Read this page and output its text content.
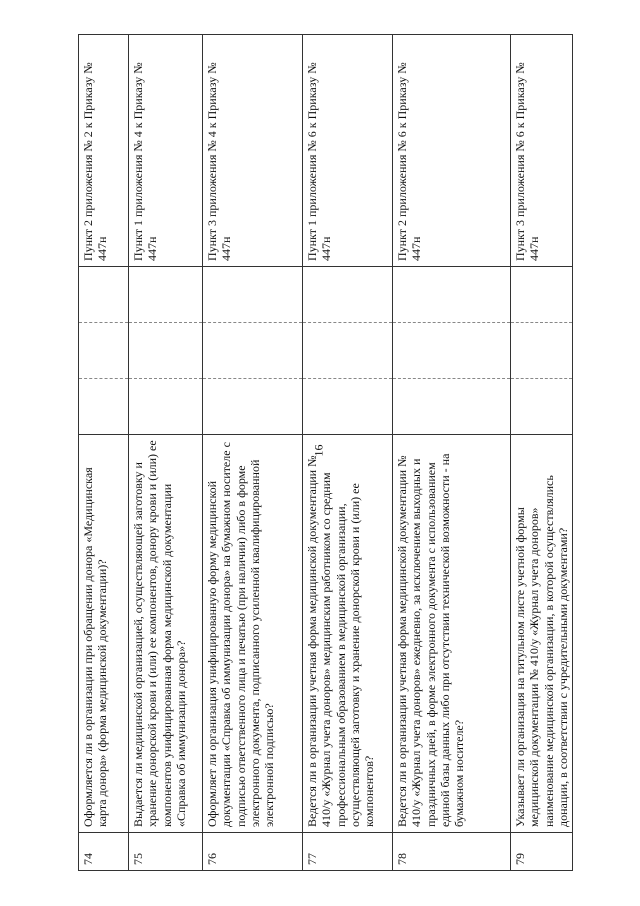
16
74	Оформляется ли в организации при обращении донора «Медицинская карта донора» (форма медицинской документации)?				Пункт 2 приложения № 2 к Приказу № 447н
75	Выдается ли медицинской организацией, осуществляющей заготовку и хранение донорской крови и (или) ее компонентов, донору крови и (или) ее компонентов унифицированная форма медицинской документации «Справка об иммунизации донора»?				Пункт 1 приложения № 4 к Приказу № 447н
76	Оформляет ли организация унифицированную форму медицинской документации «Справка об иммунизации донора» на бумажном носителе с подписью ответственного лица и печатью (при наличии) либо в форме электронного документа, подписанного усиленной квалифицированной электронной подписью?				Пункт 3 приложения № 4 к Приказу № 447н
77	Ведется ли в организации учетная форма медицинской документации № 410/у «Журнал учета доноров» медицинским работником со средним профессиональным образованием в медицинской организации, осуществляющей заготовку и хранение донорской крови и (или) ее компонентов?				Пункт 1 приложения № 6 к Приказу № 447н
78	Ведется ли в организации учетная форма медицинской документации № 410/у «Журнал учета доноров» ежедневно, за исключением выходных и праздничных дней, в форме электронного документа с использованием единой базы данных либо при отсутствии технической возможности - на бумажном носителе?				Пункт 2 приложения № 6 к Приказу № 447н
79	Указывает ли организация на титульном листе учетной формы медицинской документации № 410/у «Журнал учета доноров» наименование медицинской организации, в которой осуществлялись донации, в соответствии с учредительными документами?				Пункт 3 приложения № 6 к Приказу № 447н
